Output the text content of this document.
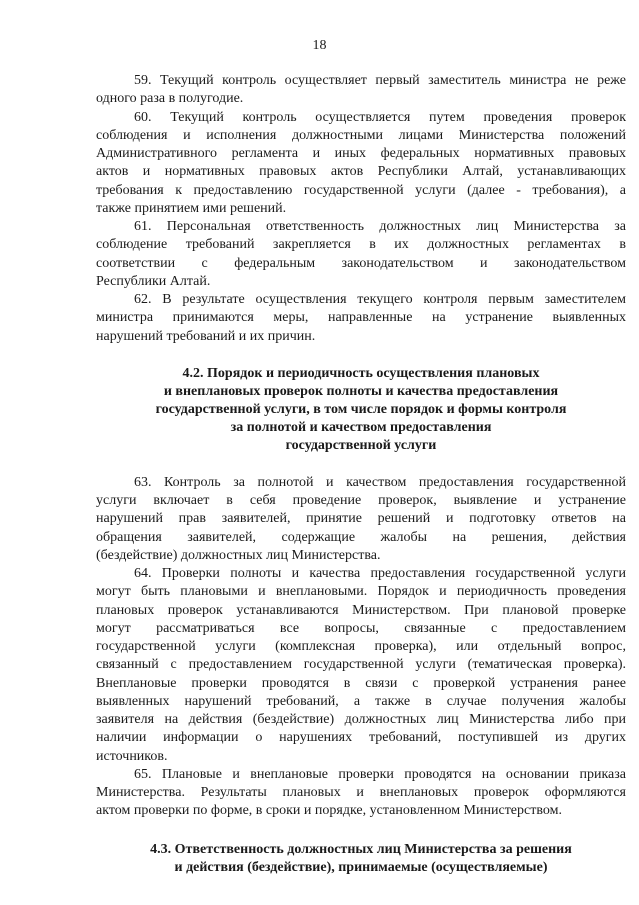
18

59. Текущий контроль осуществляет первый заместитель министра не реже
одного раза в полугодие.

60. Текущий контроль осуществляется путем проведения проверок
соблюдения и исполнения должностными лицами Министерства положений
Административного регламента и иных федеральных нормативных правовых
актов и нормативных правовых актов Республики Алтай, устанавливающих
требования к предоставлению государственной услуги (далее - требования), а
также принятием ими решений.

61. Персональная ответственность должностных лиц Министерства за
соблюдение требований закрепляется в их должностных регламентах в
соответствии с федеральным законодательством и законодательством
Республики Алтай.

62. В результате осуществления текущего контроля первым заместителем
министра принимаются меры, направленные на устранение выявленных
нарушений требований и их причин.

4.2. Порядок и периодичность осуществления плановых
и внеплановых проверок полноты и качества предоставления
государственной услуги, в том числе порядок и формы контроля
за полнотой и качеством предоставления
государственной услуги

63. Контроль за полнотой и качеством предоставления государственной
услуги включает в себя проведение проверок, выявление и устранение
нарушений прав заявителей, принятие решений и подготовку ответов на
обращения заявителей, содержащие жалобы на решения, действия
(бездействие) должностных лиц Министерства.

64. Проверки полноты и качества предоставления государственной услуги
могут быть плановыми и внеплановыми. Порядок и периодичность проведения
плановых проверок устанавливаются Министерством. При плановой проверке
могут рассматриваться все вопросы, связанные с предоставлением
государственной услуги (комплексная проверка), или отдельный вопрос,
связанный с предоставлением государственной услуги (тематическая проверка).
Внеплановые проверки проводятся в связи с проверкой устранения ранее
выявленных нарушений требований, а также в случае получения жалобы
заявителя на действия (бездействие) должностных лиц Министерства либо при
наличии информации о нарушениях требований, поступившей из других
источников.

65. Плановые и внеплановые проверки проводятся на основании приказа
Министерства. Результаты плановых и внеплановых проверок оформляются
актом проверки по форме, в сроки и порядке, установленном Министерством.

4.3. Ответственность должностных лиц Министерства за решения
и действия (бездействие), принимаемые (осуществляемые)
